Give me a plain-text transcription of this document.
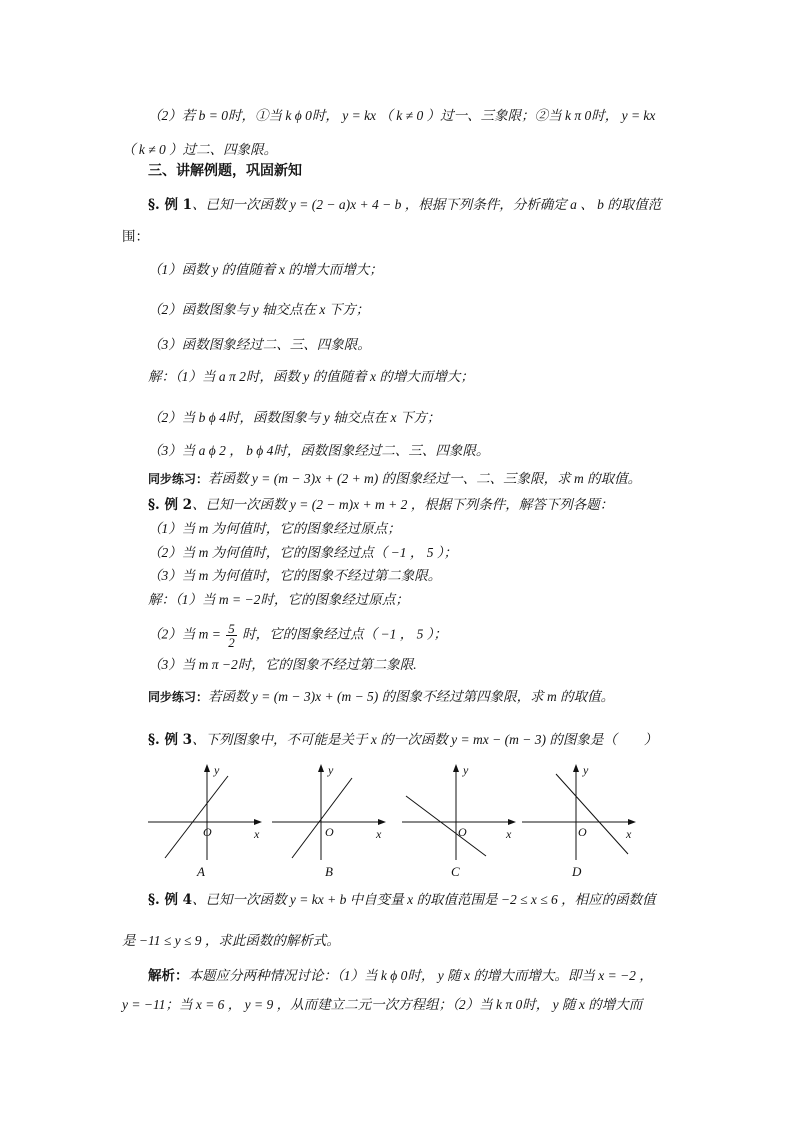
（2）若 b = 0时，①当 k ϕ 0时， y = kx （ k ≠ 0 ）过一、三象限；②当 k π 0时， y = kx
（ k ≠ 0 ）过二、四象限。
三、讲解例题，巩固新知
§. 例 1、已知一次函数 y = (2 − a)x + 4 − b ，根据下列条件，分析确定 a 、 b 的取值范
围：
（1）函数 y 的值随着 x 的增大而增大；
（2）函数图象与 y 轴交点在 x 下方；
（3）函数图象经过二、三、四象限。
解：（1）当 a π 2时，函数 y 的值随着 x 的增大而增大；
（2）当 b ϕ 4时，函数图象与 y 轴交点在 x 下方；
（3）当 a ϕ 2 ， b ϕ 4时，函数图象经过二、三、四象限。
同步练习：若函数 y = (m − 3)x + (2 + m) 的图象经过一、二、三象限，求 m 的取值。
§. 例 2、已知一次函数 y = (2 − m)x + m + 2 ，根据下列条件，解答下列各题：
（1）当 m 为何值时，它的图象经过原点；
（2）当 m 为何值时，它的图象经过点（ −1 ， 5 ）；
（3）当 m 为何值时，它的图象不经过第二象限。
解：（1）当 m = −2时，它的图象经过原点；
（2）当 $m = \frac{5}{2}$ 时，它的图象经过点（ −1 ， 5 ）；
（3）当 m π −2时，它的图象不经过第二象限.
同步练习：若函数 y = (m − 3)x + (m − 5) 的图象不经过第四象限，求 m 的取值。
§. 例 3、下列图象中，不可能是关于 x 的一次函数 y = mx − (m − 3) 的图象是（　　）
y
x
O
A
y
x
O
B
y
x
O
C
y
x
O
D
§. 例 4、已知一次函数 y = kx + b 中自变量 x 的取值范围是 −2 ≤ x ≤ 6 ，相应的函数值
是 −11 ≤ y ≤ 9 ，求此函数的解析式。
解析：本题应分两种情况讨论：（1）当 k ϕ 0时， y 随 x 的增大而增大。即当 x = −2 ，
y = −11；当 x = 6 ， y = 9 ，从而建立二元一次方程组；（2）当 k π 0时， y 随 x 的增大而
